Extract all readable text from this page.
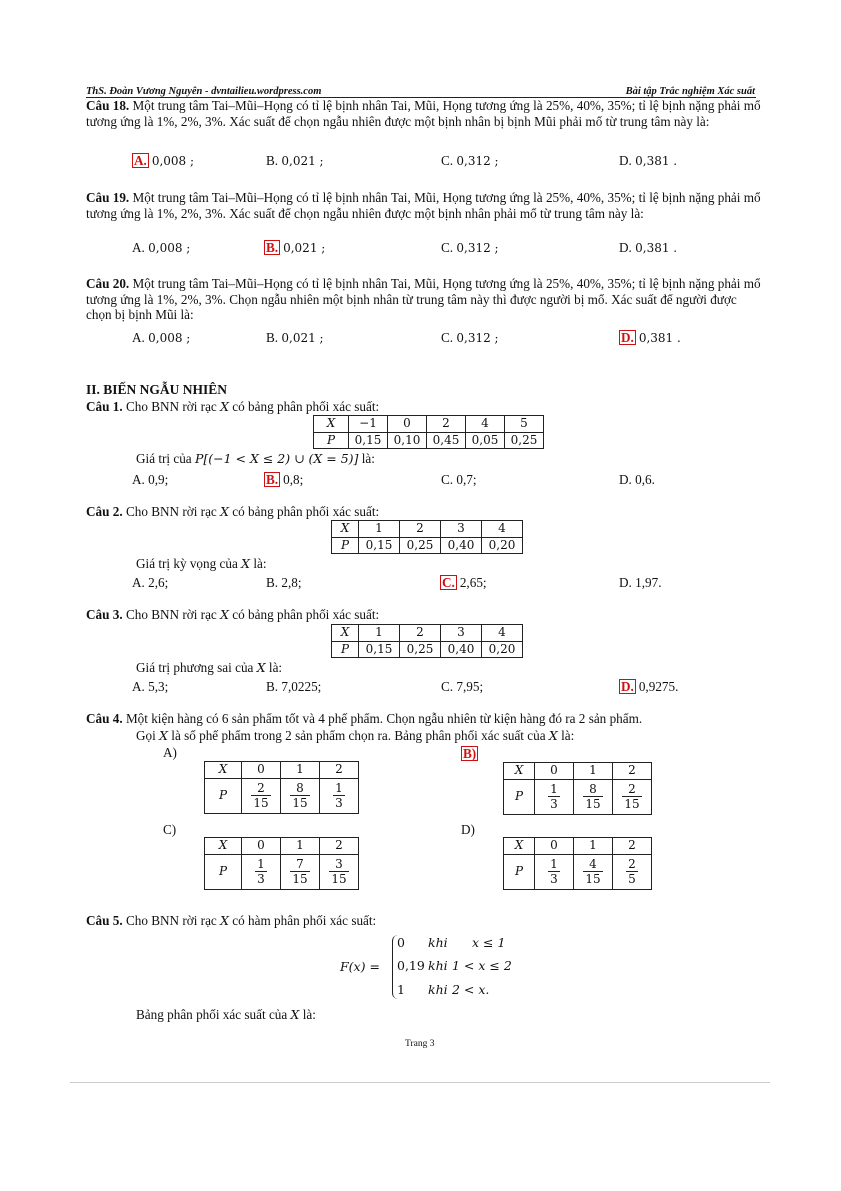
ThS. Đoàn Vương Nguyên - dvntailieu.wordpress.com	Bài tập Trắc nghiệm Xác suất
Câu 18. Một trung tâm Tai–Mũi–Họng có tỉ lệ bịnh nhân Tai, Mũi, Họng tương ứng là 25%, 40%, 35%; tỉ lệ bịnh nặng phải mổ tương ứng là 1%, 2%, 3%. Xác suất để chọn ngẫu nhiên được một bịnh nhân bị bịnh Mũi phải mổ từ trung tâm này là:
A. 0,008 ;	B. 0,021 ;	C. 0,312 ;	D. 0,381 .
Câu 19. Một trung tâm Tai–Mũi–Họng có tỉ lệ bịnh nhân Tai, Mũi, Họng tương ứng là 25%, 40%, 35%; tỉ lệ bịnh nặng phải mổ tương ứng là 1%, 2%, 3%. Xác suất để chọn ngẫu nhiên được một bịnh nhân phải mổ từ trung tâm này là:
A. 0,008 ;	B. 0,021 ;	C. 0,312 ;	D. 0,381 .
Câu 20. Một trung tâm Tai–Mũi–Họng có tỉ lệ bịnh nhân Tai, Mũi, Họng tương ứng là 25%, 40%, 35%; tỉ lệ bịnh nặng phải mổ tương ứng là 1%, 2%, 3%. Chọn ngẫu nhiên một bịnh nhân từ trung tâm này thì được người bị mổ. Xác suất để người được chọn bị bịnh Mũi là:
A. 0,008 ;	B. 0,021 ;	C. 0,312 ;	D. 0,381 .
II. BIẾN NGẪU NHIÊN
Câu 1. Cho BNN rời rạc X có bảng phân phối xác suất:
X	−1	0	2	4	5
P	0,15	0,10	0,45	0,05	0,25
Giá trị của P[(−1 < X ≤ 2) ∪ (X = 5)] là:
A. 0,9;	B. 0,8;	C. 0,7;	D. 0,6.
Câu 2. Cho BNN rời rạc X có bảng phân phối xác suất:
X	1	2	3	4
P	0,15	0,25	0,40	0,20
Giá trị kỳ vọng của X là:
A. 2,6;	B. 2,8;	C. 2,65;	D. 1,97.
Câu 3. Cho BNN rời rạc X có bảng phân phối xác suất:
X	1	2	3	4
P	0,15	0,25	0,40	0,20
Giá trị phương sai của X là:
A. 5,3;	B. 7,0225;	C. 7,95;	D. 0,9275.
Câu 4. Một kiện hàng có 6 sản phẩm tốt và 4 phế phẩm. Chọn ngẫu nhiên từ kiện hàng đó ra 2 sản phẩm.
Gọi X là số phế phẩm trong 2 sản phẩm chọn ra. Bảng phân phối xác suất của X là:
A)	B)
C)	D)
X	0	1	2
P	$\frac{2}{15}$	$\frac{8}{15}$	$\frac{1}{3}$
X	0	1	2
P	$\frac{1}{3}$	$\frac{8}{15}$	$\frac{2}{15}$
X	0	1	2
P	$\frac{1}{3}$	$\frac{7}{15}$	$\frac{3}{15}$
X	0	1	2
P	$\frac{1}{3}$	$\frac{4}{15}$	$\frac{2}{5}$
Câu 5. Cho BNN rời rạc X có hàm phân phối xác suất:
F(x) =
0 khi x ≤ 1
0,19 khi 1 < x ≤ 2
1 khi 2 < x.
Bảng phân phối xác suất của X là:
Trang 3
